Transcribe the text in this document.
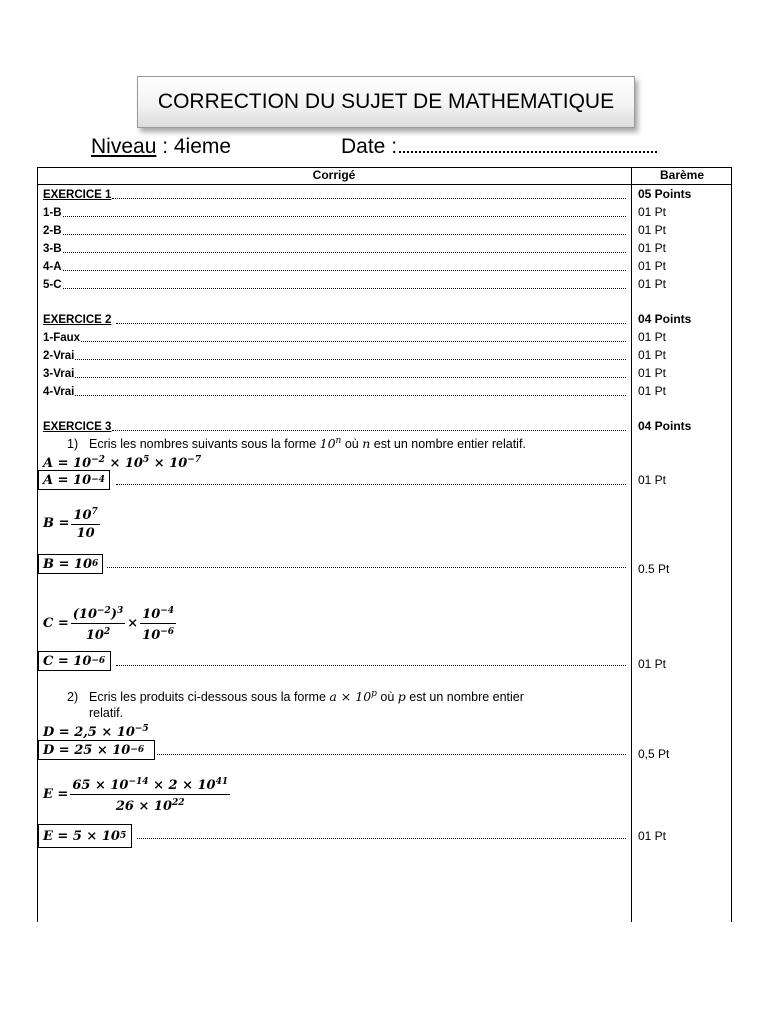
CORRECTION DU SUJET DE MATHEMATIQUE
Niveau : 4ieme	Date :
Corrigé	Barème
EXERCICE 1	05 Points
1-B	01 Pt
2-B	01 Pt
3-B	01 Pt
4-A	01 Pt
5-C	01 Pt
EXERCICE 2	04 Points
1-Faux	01 Pt
2-Vrai	01 Pt
3-Vrai	01 Pt
4-Vrai	01 Pt
EXERCICE 3	04 Points
1) Ecris les nombres suivants sous la forme 10$^n$ où n est un nombre entier relatif.
$A = 10^{-2} \times 10^5 \times 10^{-7}$
A = 10 −4	01 Pt
$B = \frac{10^7}{10}$
B = 10 6	0.5 Pt
$C = \frac{(10^{-2})^3}{10^2} \times \frac{10^{-4}}{10^{-6}}$
C = 10 −6	01 Pt
2) Ecris les produits ci-dessous sous la forme $a \times 10^p$ où p est un nombre entier
relatif.
$D = 2,5 \times 10^{-5}$
D = 25 × 10 −6	0,5 Pt
$E = \frac{65 \times 10^{-14} \times 2 \times 10^{41}}{26 \times 10^{22}}$
E = 5 × 10 5	01 Pt
